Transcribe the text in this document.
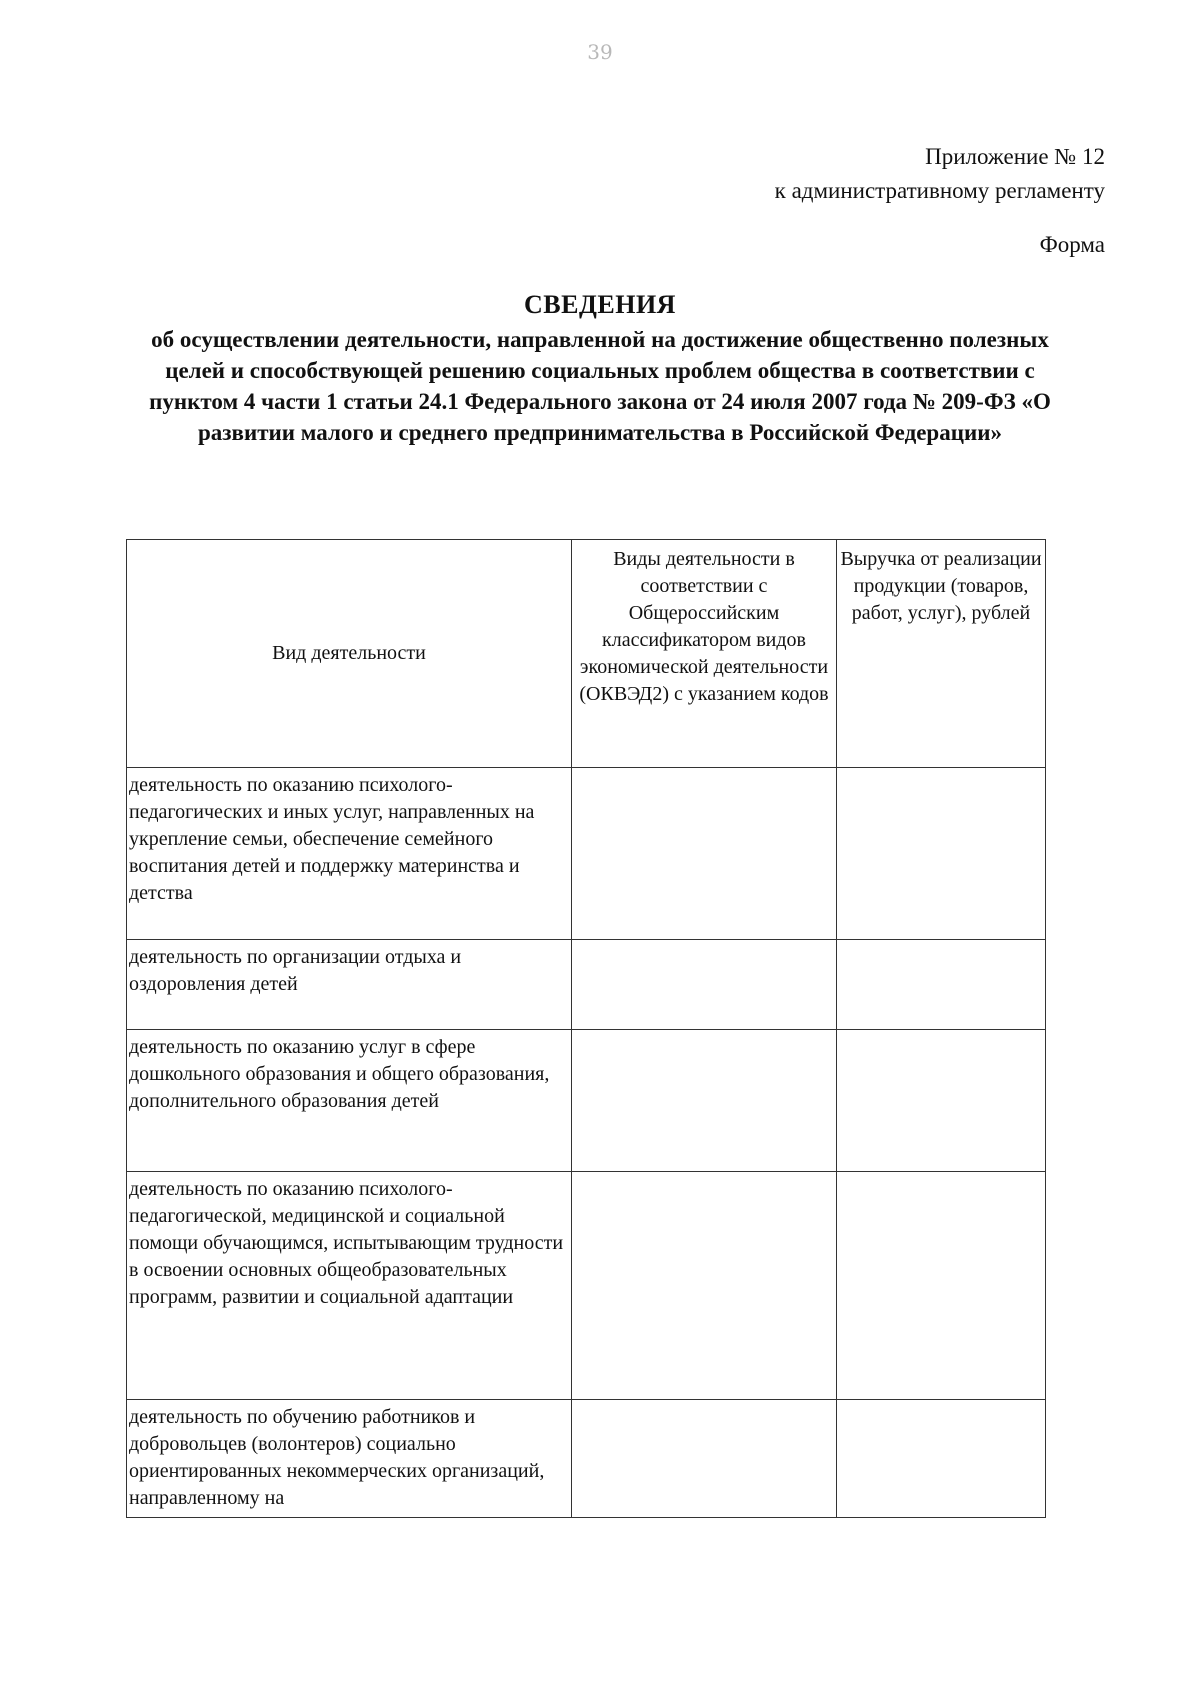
39
Приложение № 12
к административному регламенту
Форма
СВЕДЕНИЯ
об осуществлении деятельности, направленной на достижение общественно полезных целей и способствующей решению социальных проблем общества в соответствии с пунктом 4 части 1 статьи 24.1 Федерального закона от 24 июля 2007 года № 209-ФЗ «О развитии малого и среднего предпринимательства в Российской Федерации»
Вид деятельности	Виды деятельности в соответствии с Общероссийским классификатором видов экономической деятельности (ОКВЭД2) с указанием кодов	Выручка от реализации продукции (товаров, работ, услуг), рублей
деятельность по оказанию психолого-педагогических и иных услуг, направленных на укрепление семьи, обеспечение семейного воспитания детей и поддержку материнства и детства		
деятельность по организации отдыха и оздоровления детей		
деятельность по оказанию услуг в сфере дошкольного образования и общего образования, дополнительного образования детей		
деятельность по оказанию психолого-педагогической, медицинской и социальной помощи обучающимся, испытывающим трудности в освоении основных общеобразовательных программ, развитии и социальной адаптации		
деятельность по обучению работников и добровольцев (волонтеров) социально ориентированных некоммерческих организаций, направленному на		
